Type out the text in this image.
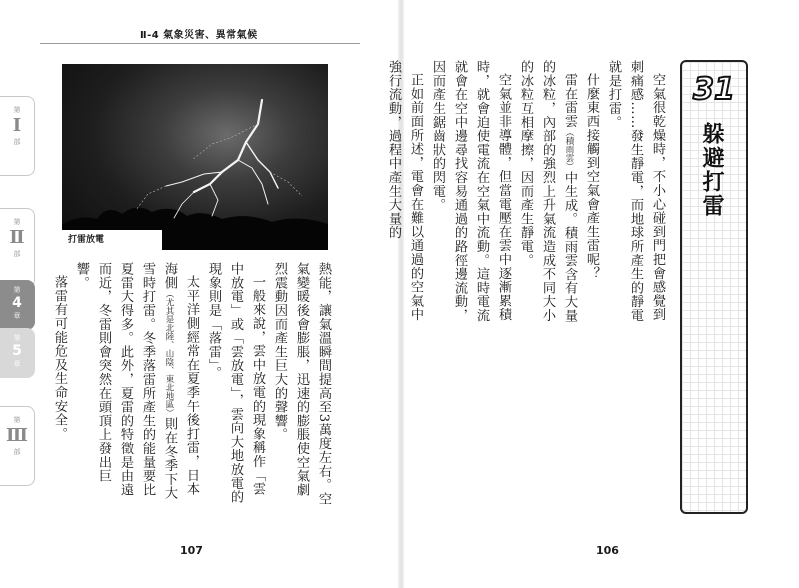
Ⅱ-4 氣象災害、異常氣候
第
Ⅰ
部
第
Ⅱ
部
第
4
章
第
5
章
第
Ⅲ
部
打雷放電

熱能，讓氣溫瞬間提高至3萬度左右。空氣變暖後會膨脹，迅速的膨脹使空氣劇烈震動因而產生巨大的聲響。

一般來說，雲中放電的現象稱作「雲中放電」或「雲放電」，雲向大地放電的現象則是「落雷」。

太平洋側經常在夏季午後打雷，日本海側（尤其是北陸、山陰、東北地區）則在冬季下大雪時打雷。冬季落雷所產生的能量要比夏雷大得多。此外，夏雷的特徵是由遠而近，冬雷則會突然在頭頂上發出巨響。

落雷有可能危及生命安全。

空氣很乾燥時，不小心碰到門把會感覺到刺痛感……發生靜電，而地球所產生的靜電就是打雷。

什麼東西接觸到空氣會產生雷呢？

雷在雷雲（積雨雲）中生成。積雨雲含有大量的冰粒，內部的強烈上升氣流造成不同大小的冰粒互相摩擦，因而產生靜電。

空氣並非導體，但當電壓在雲中逐漸累積時，就會迫使電流在空氣中流動。這時電流就會在空中邊尋找容易通過的路徑邊流動，因而產生鋸齒狀的閃電。

正如前面所述，電會在難以通過的空氣中強行流動，過程中產生大量的	31
躲避打雷
107	106
